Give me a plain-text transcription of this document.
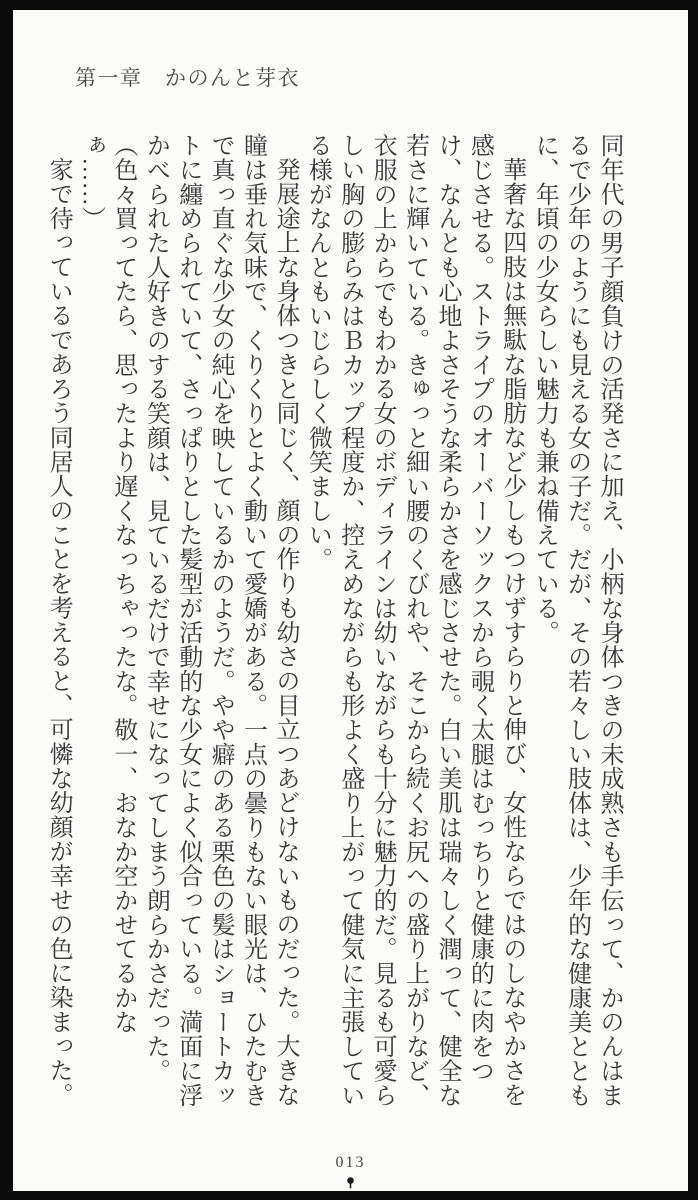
第一章　かのんと芽衣

同年代の男子顔負けの活発さに加え、小柄な身体つきの未成熟さも手伝って、かのんはまるで少年のようにも見える女の子だ。だが、その若々しい肢体は、少年的な健康美とともに、年頃の少女らしい魅力も兼ね備えている。

華奢な四肢は無駄な脂肪など少しもつけずすらりと伸び、女性ならではのしなやかさを感じさせる。ストライプのオーバーソックスから覗く太腿はむっちりと健康的に肉をつけ、なんとも心地よさそうな柔らかさを感じさせた。白い美肌は瑞々しく潤って、健全な若さに輝いている。きゅっと細い腰のくびれや、そこから続くお尻への盛り上がりなど、衣服の上からでもわかる女のボディラインは幼いながらも十分に魅力的だ。見るも可愛らしい胸の膨らみはＢカップ程度か、控えめながらも形よく盛り上がって健気に主張している様がなんともいじらしく微笑ましい。

発展途上な身体つきと同じく、顔の作りも幼さの目立つあどけないものだった。大きな瞳は垂れ気味で、くりくりとよく動いて愛嬌がある。一点の曇りもない眼光は、ひたむきで真っ直ぐな少女の純心を映しているかのようだ。やや癖のある栗色の髪はショートカットに纏められていて、さっぱりとした髪型が活動的な少女によく似合っている。満面に浮かべられた人好きのする笑顔は、見ているだけで幸せになってしまう朗らかさだった。

（色々買ってたら、思ったより遅くなっちゃったな。敬一、おなか空かせてるかなぁ……）

家で待っているであろう同居人のことを考えると、可憐な幼顔が幸せの色に染まった。

013
